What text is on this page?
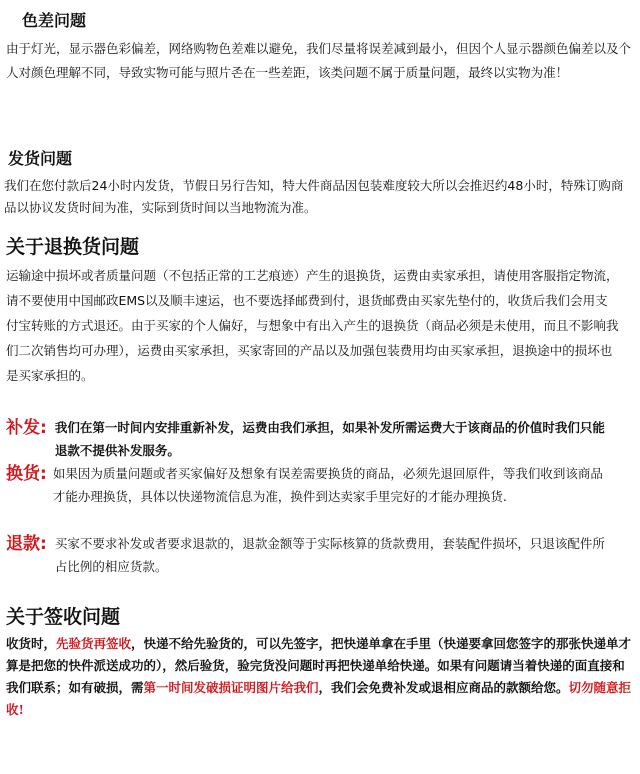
色差问题

由于灯光，显示器色彩偏差，网络购物色差难以避免，我们尽量将误差减到最小，但因个人显示器颜色偏差以及个人对颜色理解不同，导致实物可能与照片존在一些差距，该类问题不属于质量问题，最终以实物为准！

发货问题

我们在您付款后24小时内发货，节假日另行告知，特大件商品因包装难度较大所以会推迟约48小时，特殊订购商品以协议发货时间为准，实际到货时间以当地物流为准。

关于退换货问题

运输途中损坏或者质量问题（不包括正常的工艺痕迹）产生的退换货，运费由卖家承担，请使用客服指定物流，请不要使用中国邮政EMS以及顺丰速运，也不要选择邮费到付，退货邮费由买家先垫付的，收货后我们会用支付宝转账的方式退还。由于买家的个人偏好，与想象中有出入产生的退换货（商品必须是未使用，而且不影响我们二次销售均可办理），运费由买家承担，买家寄回的产品以及加强包装费用均由买家承担，退换途中的损坏也是买家承担的。

补发: 我们在第一时间内安排重新补发，运费由我们承担，如果补发所需运费大于该商品的价值时我们只能退款不提供补发服务。
换货: 如果因为质量问题或者买家偏好及想象有误差需要换货的商品，必须先退回原件，等我们收到该商品才能办理换货，具体以快递物流信息为准，换件到达卖家手里完好的才能办理换货.
退款: 买家不要求补发或者要求退款的，退款金额等于实际核算的货款费用，套装配件损坏，只退该配件所占比例的相应货款。
关于签收问题

收货时，先验货再签收，快递不给先验货的，可以先签字，把快递单拿在手里（快递要拿回您签字的那张快递单才算是把您的快件派送成功的），然后验货，验完货没问题时再把快递单给快递。如果有问题请当着快递的面直接和我们联系；如有破损，需第一时间发破损证明图片给我们，我们会免费补发或退相应商品的款额给您。切勿随意拒收!
